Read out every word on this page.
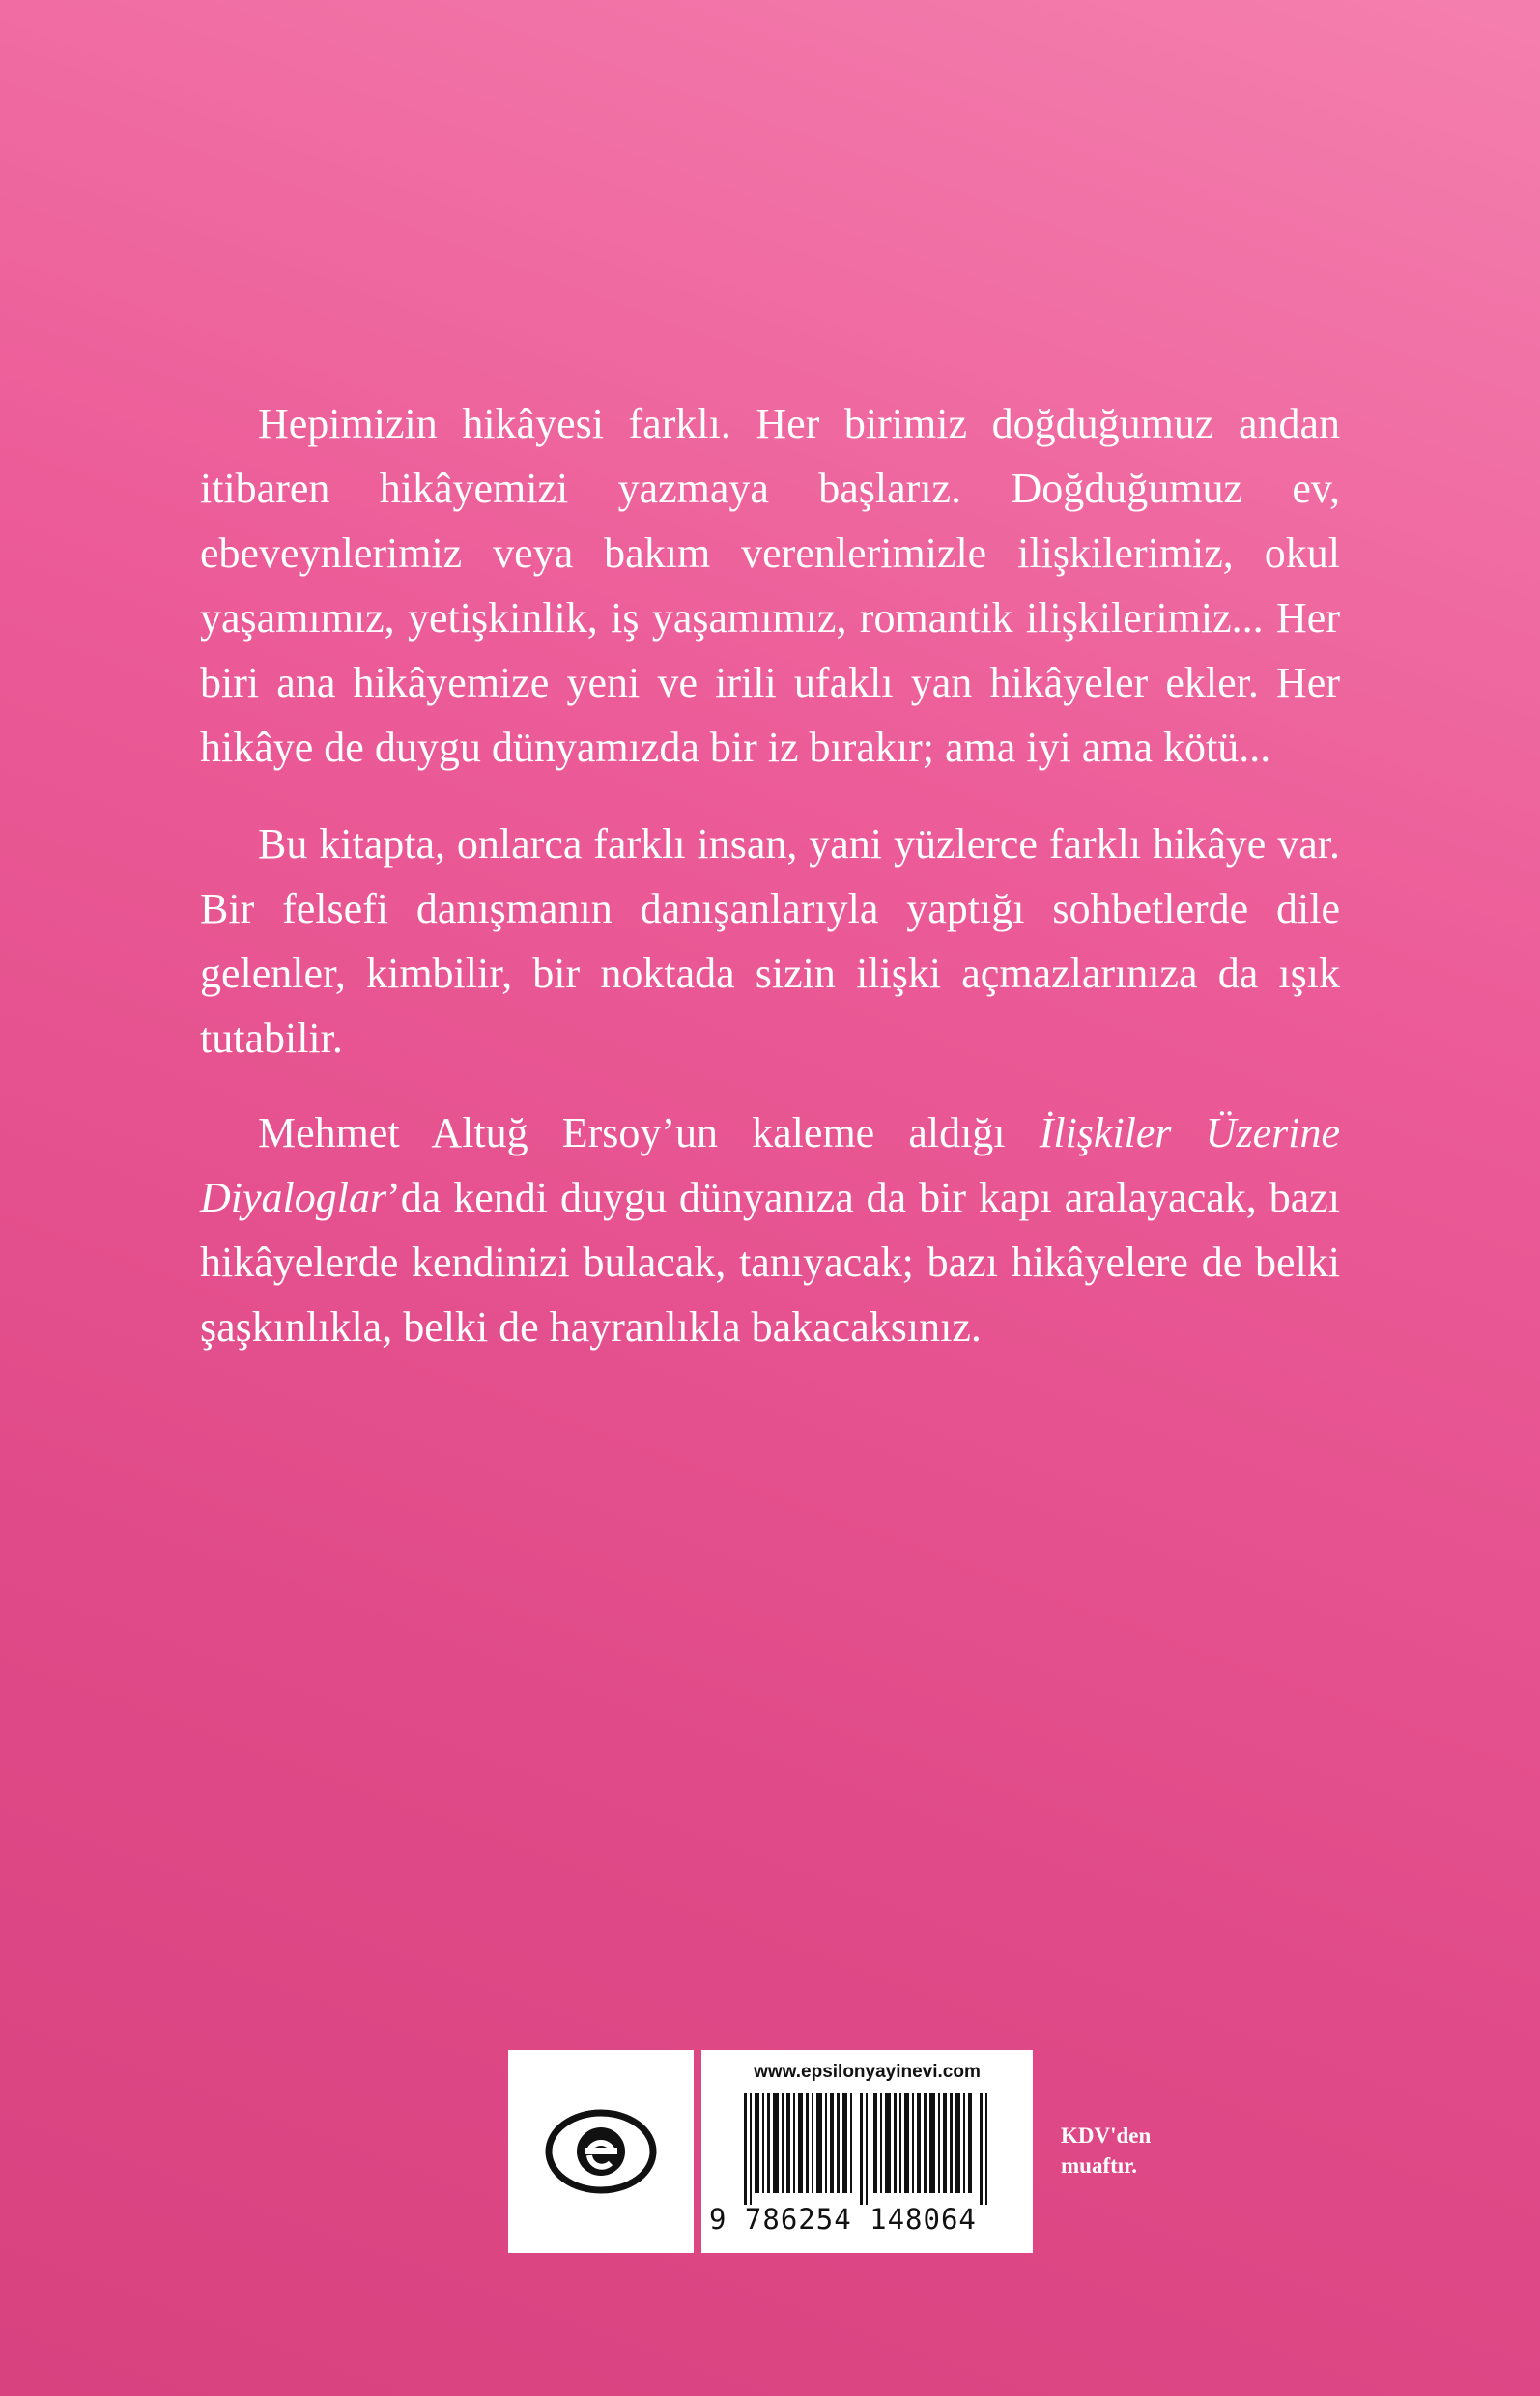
Hepimizin hikâyesi farklı. Her birimiz doğduğumuz andan itibaren hikâyemizi yazmaya başlarız. Doğduğumuz ev, ebeveynlerimiz veya bakım verenlerimizle ilişkilerimiz, okul yaşamımız, yetişkinlik, iş yaşamımız, romantik ilişkilerimiz... Her biri ana hikâyemize yeni ve irili ufaklı yan hikâyeler ekler. Her hikâye de duygu dünyamızda bir iz bırakır; ama iyi ama kötü...

Bu kitapta, onlarca farklı insan, yani yüzlerce farklı hikâye var. Bir felsefi danışmanın danışanlarıyla yaptığı sohbetlerde dile gelenler, kimbilir, bir noktada sizin ilişki açmazlarınıza da ışık tutabilir.

Mehmet Altuğ Ersoy’un kaleme aldığı İlişkiler Üzerine Diyaloglar’da kendi duygu dünyanıza da bir kapı aralayacak, bazı hikâyelerde kendinizi bulacak, tanıyacak; bazı hikâyelere de belki şaşkınlıkla, belki de hayranlıkla bakacaksınız.

www.epsilonyayinevi.com
9 786254 148064
KDV'den
muaftır.
